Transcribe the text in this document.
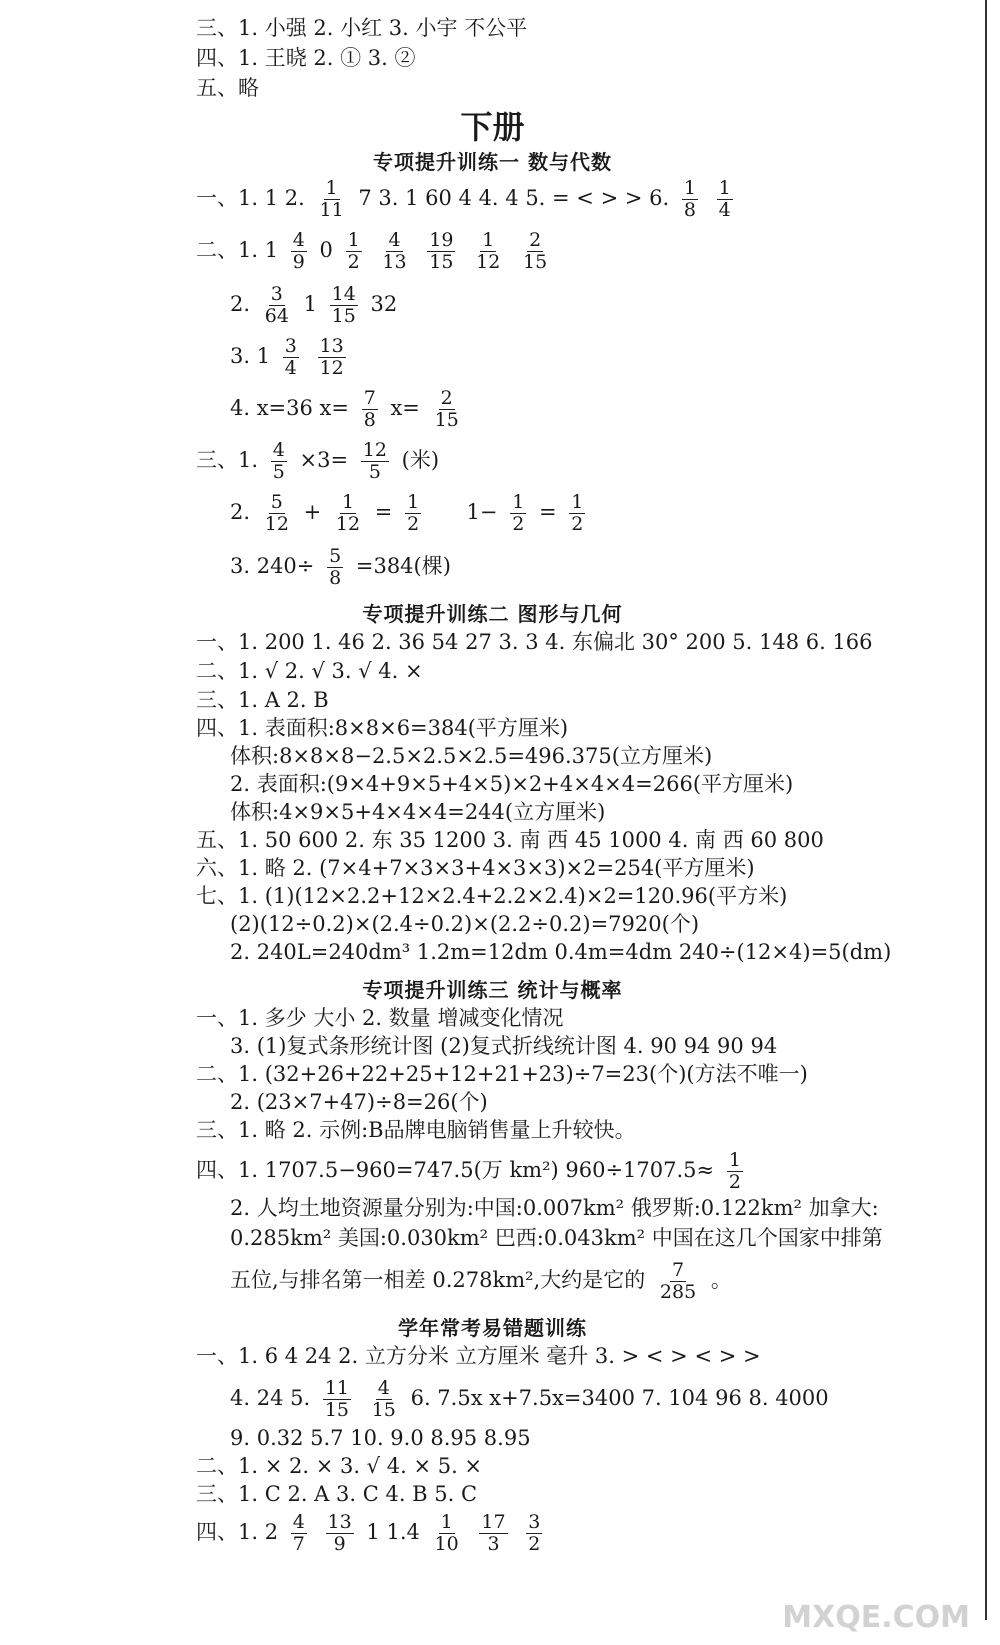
三、1. 小强 2. 小红 3. 小宇 不公平
四、1. 王晓 2. ① 3. ②
五、略
下册
专项提升训练一 数与代数
一、1. 1 2. $\frac{1}{11} 7$ 3. 1 60 4 4. 4 5. = < > > 6. $\frac{1}{8}$
$\frac{1}{4}$
二、1. $1 \frac{4}{9} 0 \frac{1}{2}$
$\frac{4}{13}$
$\frac{19}{15}$
$\frac{1}{12}$
$\frac{2}{15}$
2. $\frac{3}{64} 1 \frac{14}{15} 32$
3. $1 \frac{3}{4}$
$\frac{13}{12}$
4. x=36 $x= \frac{7}{8} x= \frac{2}{15}$
三、1. $\frac{4}{5} \times 3= \frac{12}{5}$ (米)
2. $\frac{5}{12} + \frac{1}{12} = \frac{1}{2} 1- \frac{1}{2} = \frac{1}{2}$
3. $240\div \frac{5}{8} =384$(棵)
专项提升训练二 图形与几何
一、1. 200 1. 46 2. 36 54 27 3. 3 4. 东偏北 30° 200 5. 148 6. 166
二、1. √ 2. √ 3. √ 4. ×
三、1. A 2. B
四、1. 表面积:8×8×6=384(平方厘米)
体积:8×8×8−2.5×2.5×2.5=496.375(立方厘米)
2. 表面积:(9×4+9×5+4×5)×2+4×4×4=266(平方厘米)
体积:4×9×5+4×4×4=244(立方厘米)
五、1. 50 600 2. 东 35 1200 3. 南 西 45 1000 4. 南 西 60 800
六、1. 略 2. (7×4+7×3×3+4×3×3)×2=254(平方厘米)
七、1. (1)(12×2.2+12×2.4+2.2×2.4)×2=120.96(平方米)
(2)(12÷0.2)×(2.4÷0.2)×(2.2÷0.2)=7920(个)
2. 240L=240dm³ 1.2m=12dm 0.4m=4dm 240÷(12×4)=5(dm)
专项提升训练三 统计与概率
一、1. 多少 大小 2. 数量 增减变化情况
3. (1)复式条形统计图 (2)复式折线统计图 4. 90 94 90 94
二、1. (32+26+22+25+12+21+23)÷7=23(个)(方法不唯一)
2. (23×7+47)÷8=26(个)
三、1. 略 2. 示例:B品牌电脑销售量上升较快。
四、1. 1707.5−960=747.5(万 km²) $960\div 1707.5\approx \frac{1}{2}$
2. 人均土地资源量分别为:中国:0.007km² 俄罗斯:0.122km² 加拿大:
0.285km² 美国:0.030km² 巴西:0.043km² 中国在这几个国家中排第
五位,与排名第一相差 0.278km²,大约是它的 $\frac{7}{285}$ 。
学年常考易错题训练
一、1. 6 4 24 2. 立方分米 立方厘米 毫升 3. > < > < > >
4. 24 5. $\frac{11}{15}$
$\frac{4}{15} 6$. 7.5x x+7.5x=3400 7. 104 96 8. 4000
9. 0.32 5.7 10. 9.0 8.95 8.95
二、1. × 2. × 3. √ 4. × 5. ×
三、1. C 2. A 3. C 4. B 5. C
四、1. $2 \frac{4}{7}$
$\frac{13}{9} 1$ $1.4 \frac{1}{10}$
$\frac{17}{3}$
$\frac{3}{2}$
MXQE.COM
